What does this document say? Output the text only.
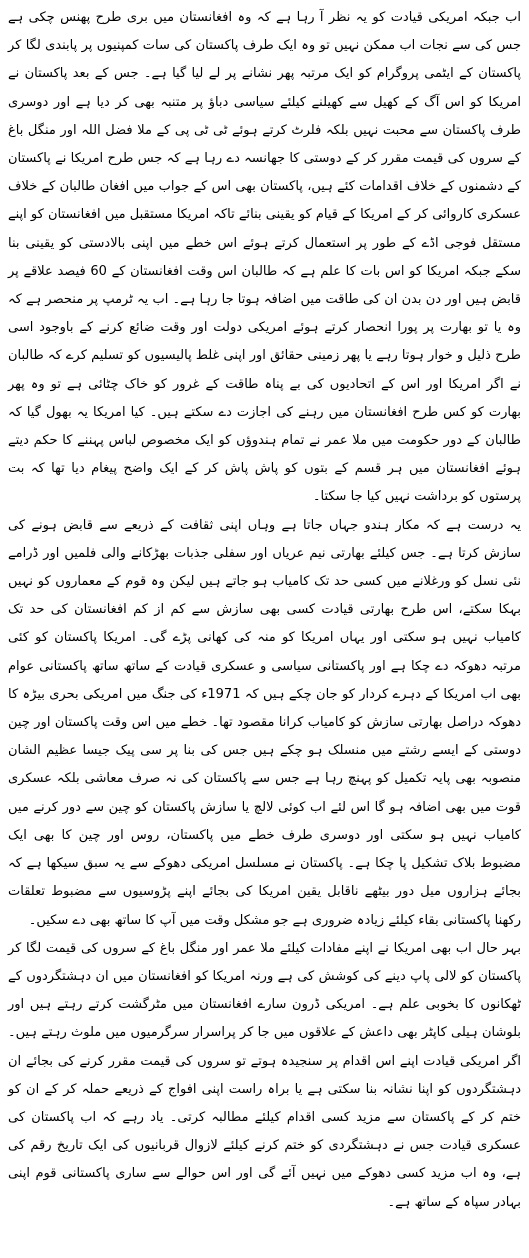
اب جبکہ امریکی قیادت کو یہ نظر آ رہا ہے کہ وہ افغانستان میں بری طرح پھنس چکی ہے جس کی سے نجات اب ممکن نہیں تو وہ ایک طرف پاکستان کی سات کمپنیوں پر پابندی لگا کر پاکستان کے ایٹمی پروگرام کو ایک مرتبہ پھر نشانے پر لے لیا گیا ہے۔ جس کے بعد پاکستان نے امریکا کو اس آگ کے کھیل سے کھیلنے کیلئے سیاسی دباؤ پر متنبہ بھی کر دیا ہے اور دوسری طرف پاکستان سے محبت نہیں بلکہ فلرٹ کرتے ہوئے ٹی ٹی پی کے ملا فضل اللہ اور منگل باغ کے سروں کی قیمت مقرر کر کے دوستی کا جھانسہ دے رہا ہے کہ جس طرح امریکا نے پاکستان کے دشمنوں کے خلاف اقدامات کئے ہیں، پاکستان بھی اس کے جواب میں افغان طالبان کے خلاف عسکری کاروائی کر کے امریکا کے قیام کو یقینی بنائے تاکہ امریکا مستقبل میں افغانستان کو اپنے مستقل فوجی اڈے کے طور پر استعمال کرتے ہوئے اس خطے میں اپنی بالادستی کو یقینی بنا سکے جبکہ امریکا کو اس بات کا علم ہے کہ طالبان اس وقت افغانستان کے 60 فیصد علاقے پر قابض ہیں اور دن بدن ان کی طاقت میں اضافہ ہوتا جا رہا ہے۔ اب یہ ٹرمپ پر منحصر ہے کہ وہ یا تو بھارت پر پورا انحصار کرتے ہوئے امریکی دولت اور وقت ضائع کرنے کے باوجود اسی طرح ذلیل و خوار ہوتا رہے یا پھر زمینی حقائق اور اپنی غلط پالیسیوں کو تسلیم کرے کہ طالبان نے اگر امریکا اور اس کے اتحادیوں کی بے پناہ طاقت کے غرور کو خاک چٹائی ہے تو وہ پھر بھارت کو کس طرح افغانستان میں رہنے کی اجازت دے سکتے ہیں۔ کیا امریکا یہ بھول گیا کہ طالبان کے دور حکومت میں ملا عمر نے تمام ہندوؤں کو ایک مخصوص لباس پہننے کا حکم دیتے ہوئے افغانستان میں ہر قسم کے بتوں کو پاش پاش کر کے ایک واضح پیغام دیا تھا کہ بت پرستوں کو برداشت نہیں کیا جا سکتا۔

یہ درست ہے کہ مکار ہندو جہاں جاتا ہے وہاں اپنی ثقافت کے ذریعے سے قابض ہونے کی سازش کرتا ہے۔ جس کیلئے بھارتی نیم عریاں اور سفلی جذبات بھڑکانے والی فلمیں اور ڈرامے نئی نسل کو ورغلانے میں کسی حد تک کامیاب ہو جاتے ہیں لیکن وہ قوم کے معماروں کو نہیں بہکا سکتے، اس طرح بھارتی قیادت کسی بھی سازش سے کم از کم افغانستان کی حد تک کامیاب نہیں ہو سکتی اور یہاں امریکا کو منہ کی کھانی پڑے گی۔ امریکا پاکستان کو کئی مرتبہ دھوکہ دے چکا ہے اور پاکستانی سیاسی و عسکری قیادت کے ساتھ ساتھ پاکستانی عوام بھی اب امریکا کے دہرے کردار کو جان چکے ہیں کہ 1971ء کی جنگ میں امریکی بحری بیڑہ کا دھوکہ دراصل بھارتی سازش کو کامیاب کرانا مقصود تھا۔ خطے میں اس وقت پاکستان اور چین دوستی کے ایسے رشتے میں منسلک ہو چکے ہیں جس کی بنا پر سی پیک جیسا عظیم الشان منصوبہ بھی پایہ تکمیل کو پہنچ رہا ہے جس سے پاکستان کی نہ صرف معاشی بلکہ عسکری قوت میں بھی اضافہ ہو گا اس لئے اب کوئی لالچ یا سازش پاکستان کو چین سے دور کرنے میں کامیاب نہیں ہو سکتی اور دوسری طرف خطے میں پاکستان، روس اور چین کا بھی ایک مضبوط بلاک تشکیل پا چکا ہے۔ پاکستان نے مسلسل امریکی دھوکے سے یہ سبق سیکھا ہے کہ بجائے ہزاروں میل دور بیٹھے ناقابل یقین امریکا کی بجائے اپنے پڑوسیوں سے مضبوط تعلقات رکھنا پاکستانی بقاء کیلئے زیادہ ضروری ہے جو مشکل وقت میں آپ کا ساتھ بھی دے سکیں۔

بہر حال اب بھی امریکا نے اپنے مفادات کیلئے ملا عمر اور منگل باغ کے سروں کی قیمت لگا کر پاکستان کو لالی پاپ دینے کی کوشش کی ہے ورنہ امریکا کو افغانستان میں ان دہشتگردوں کے ٹھکانوں کا بخوبی علم ہے۔ امریکی ڈرون سارے افغانستان میں مٹرگشت کرتے رہتے ہیں اور بلوشان ہیلی کاپٹر بھی داعش کے علاقوں میں جا کر پراسرار سرگرمیوں میں ملوث رہتے ہیں۔ اگر امریکی قیادت اپنے اس اقدام پر سنجیدہ ہوتے تو سروں کی قیمت مقرر کرنے کی بجائے ان دہشتگردوں کو اپنا نشانہ بنا سکتی ہے یا براہ راست اپنی افواج کے ذریعے حملہ کر کے ان کو ختم کر کے پاکستان سے مزید کسی اقدام کیلئے مطالبہ کرتی۔ یاد رہے کہ اب پاکستان کی عسکری قیادت جس نے دہشتگردی کو ختم کرنے کیلئے لازوال قربانیوں کی ایک تاریخ رقم کی ہے، وہ اب مزید کسی دھوکے میں نہیں آئے گی اور اس حوالے سے ساری پاکستانی قوم اپنی بہادر سپاہ کے ساتھ ہے۔
